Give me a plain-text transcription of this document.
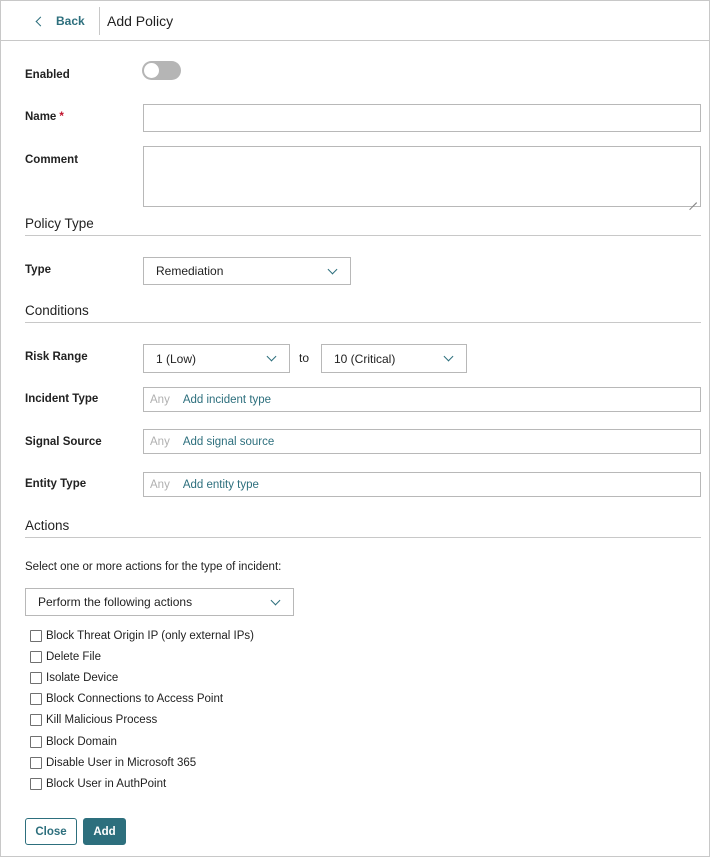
Back Add Policy
Enabled
Name *
Comment
Policy Type
Type	Remediation
Conditions
Risk Range	1 (Low)	to 10 (Critical)
Incident Type	Any Add incident type
Signal Source	Any Add signal source
Entity Type	Any Add entity type
Actions
Select one or more actions for the type of incident:
Perform the following actions
Block Threat Origin IP (only external IPs)
Delete File
Isolate Device
Block Connections to Access Point
Kill Malicious Process
Block Domain
Disable User in Microsoft 365
Block User in AuthPoint
Close	Add
